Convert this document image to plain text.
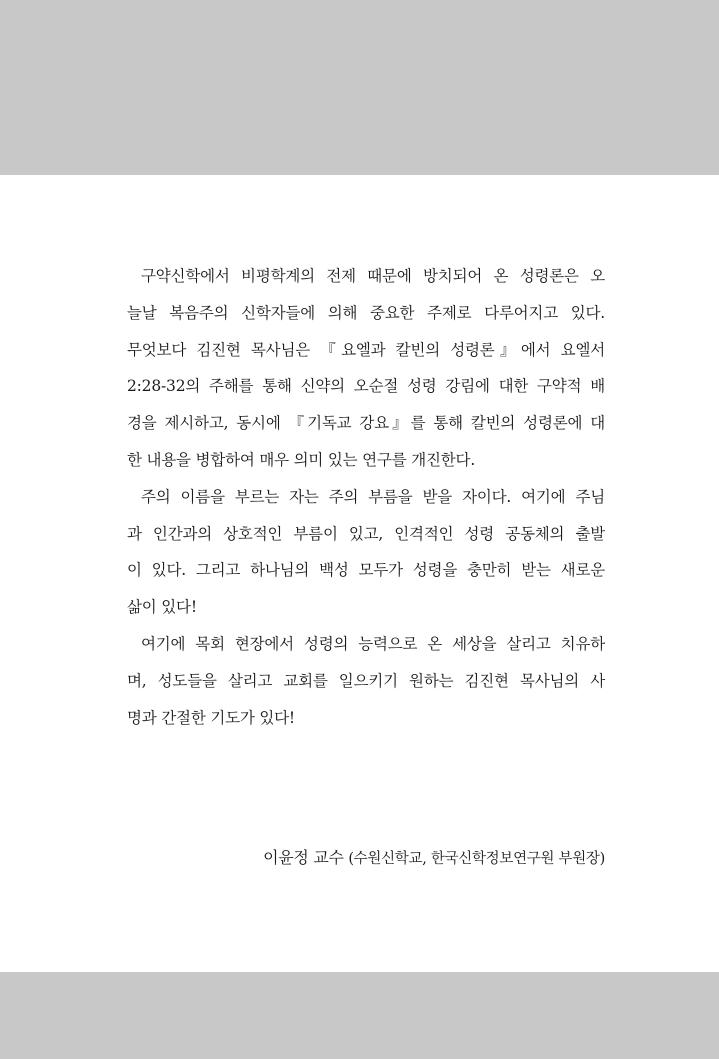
구약신학에서 비평학계의 전제 때문에 방치되어 온 성령론은 오
늘날 복음주의 신학자들에 의해 중요한 주제로 다루어지고 있다.
무엇보다 김진현 목사님은 『요엘과 칼빈의 성령론』에서 요엘서
2:28-32의 주해를 통해 신약의 오순절 성령 강림에 대한 구약적 배
경을 제시하고, 동시에 『기독교 강요』를 통해 칼빈의 성령론에 대
한 내용을 병합하여 매우 의미 있는 연구를 개진한다.
주의 이름을 부르는 자는 주의 부름을 받을 자이다. 여기에 주님
과 인간과의 상호적인 부름이 있고, 인격적인 성령 공동체의 출발
이 있다. 그리고 하나님의 백성 모두가 성령을 충만히 받는 새로운
삶이 있다!
여기에 목회 현장에서 성령의 능력으로 온 세상을 살리고 치유하
며, 성도들을 살리고 교회를 일으키기 원하는 김진현 목사님의 사
명과 간절한 기도가 있다!
이윤정 교수 (수원신학교, 한국신학정보연구원 부원장)
